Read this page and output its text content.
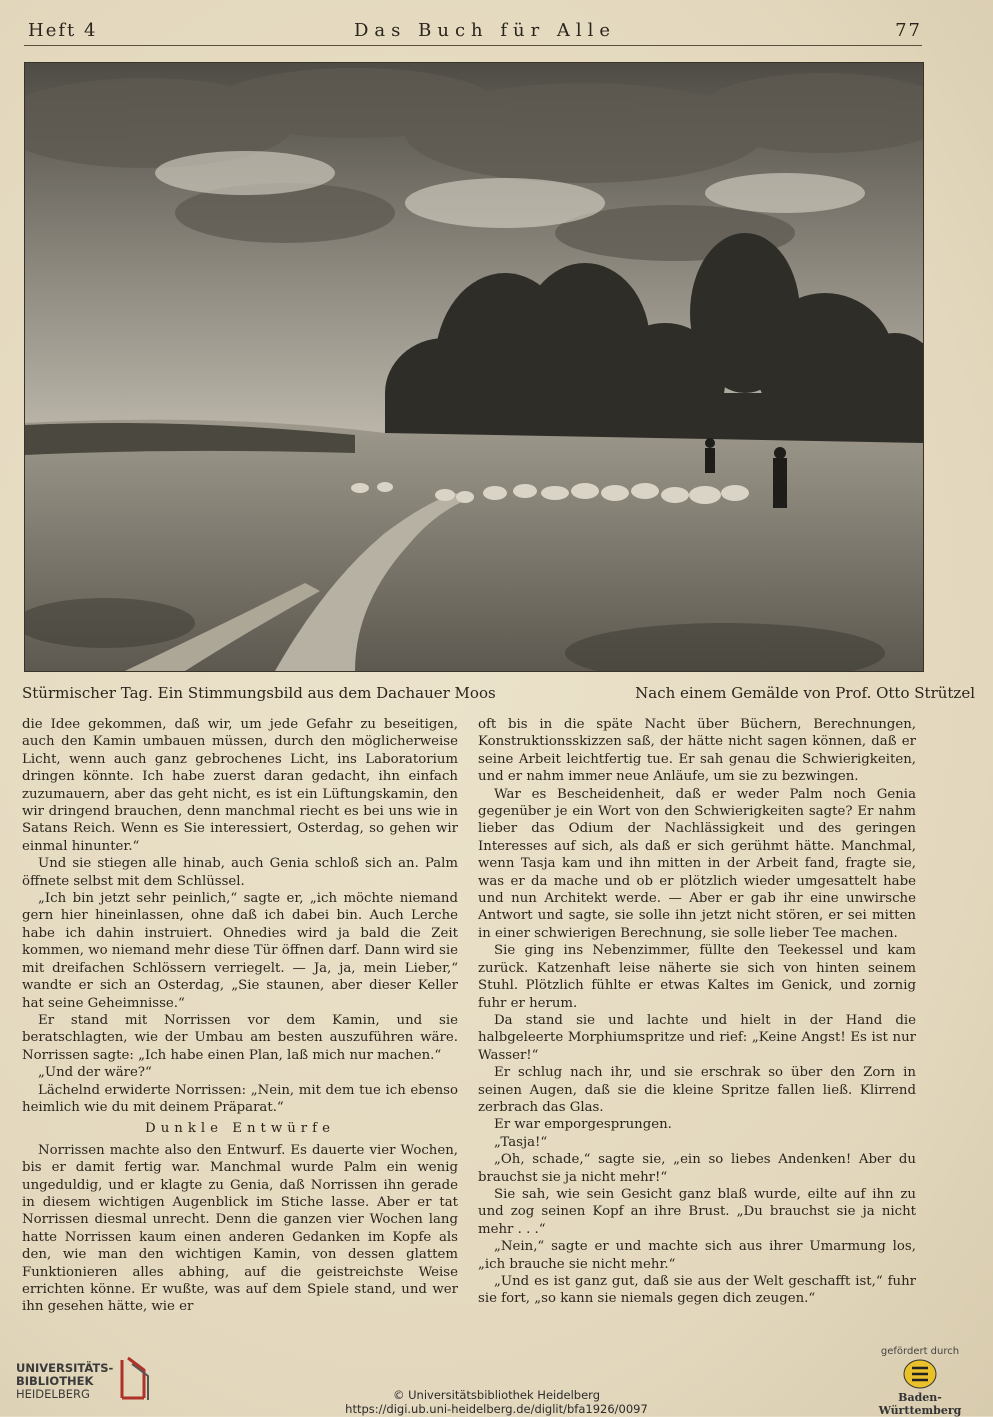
Heft 4	Das Buch für Alle	77
Stürmischer Tag. Ein Stimmungsbild aus dem Dachauer Moos	Nach einem Gemälde von Prof. Otto Strützel

die Idee gekommen, daß wir, um jede Gefahr zu beseitigen, auch den Kamin umbauen müssen, durch den möglicherweise Licht, wenn auch ganz gebrochenes Licht, ins Laboratorium dringen könnte. Ich habe zuerst daran gedacht, ihn einfach zuzumauern, aber das geht nicht, es ist ein Lüftungskamin, den wir dringend brauchen, denn manchmal riecht es bei uns wie in Satans Reich. Wenn es Sie interessiert, Osterdag, so gehen wir einmal hinunter.“

Und sie stiegen alle hinab, auch Genia schloß sich an. Palm öffnete selbst mit dem Schlüssel.

„Ich bin jetzt sehr peinlich,“ sagte er, „ich möchte niemand gern hier hineinlassen, ohne daß ich dabei bin. Auch Lerche habe ich dahin instruiert. Ohnedies wird ja bald die Zeit kommen, wo niemand mehr diese Tür öffnen darf. Dann wird sie mit dreifachen Schlössern verriegelt. — Ja, ja, mein Lieber,“ wandte er sich an Osterdag, „Sie staunen, aber dieser Keller hat seine Geheimnisse.“

Er stand mit Norrissen vor dem Kamin, und sie beratschlagten, wie der Umbau am besten auszuführen wäre. Norrissen sagte: „Ich habe einen Plan, laß mich nur machen.“

„Und der wäre?“

Lächelnd erwiderte Norrissen: „Nein, mit dem tue ich ebenso heimlich wie du mit deinem Präparat.“

Dunkle Entwürfe

Norrissen machte also den Entwurf. Es dauerte vier Wochen, bis er damit fertig war. Manchmal wurde Palm ein wenig ungeduldig, und er klagte zu Genia, daß Norrissen ihn gerade in diesem wichtigen Augenblick im Stiche lasse. Aber er tat Norrissen diesmal unrecht. Denn die ganzen vier Wochen lang hatte Norrissen kaum einen anderen Gedanken im Kopfe als den, wie man den wichtigen Kamin, von dessen glattem Funktionieren alles abhing, auf die geistreichste Weise errichten könne. Er wußte, was auf dem Spiele stand, und wer ihn gesehen hätte, wie er

oft bis in die späte Nacht über Büchern, Berechnungen, Konstruktionsskizzen saß, der hätte nicht sagen können, daß er seine Arbeit leichtfertig tue. Er sah genau die Schwierigkeiten, und er nahm immer neue Anläufe, um sie zu bezwingen.

War es Bescheidenheit, daß er weder Palm noch Genia gegenüber je ein Wort von den Schwierigkeiten sagte? Er nahm lieber das Odium der Nachlässigkeit und des geringen Interesses auf sich, als daß er sich gerühmt hätte. Manchmal, wenn Tasja kam und ihn mitten in der Arbeit fand, fragte sie, was er da mache und ob er plötzlich wieder umgesattelt habe und nun Architekt werde. — Aber er gab ihr eine unwirsche Antwort und sagte, sie solle ihn jetzt nicht stören, er sei mitten in einer schwierigen Berechnung, sie solle lieber Tee machen.

Sie ging ins Nebenzimmer, füllte den Teekessel und kam zurück. Katzenhaft leise näherte sie sich von hinten seinem Stuhl. Plötzlich fühlte er etwas Kaltes im Genick, und zornig fuhr er herum.

Da stand sie und lachte und hielt in der Hand die halbgeleerte Morphiumspritze und rief: „Keine Angst! Es ist nur Wasser!“

Er schlug nach ihr, und sie erschrak so über den Zorn in seinen Augen, daß sie die kleine Spritze fallen ließ. Klirrend zerbrach das Glas.

Er war emporgesprungen.

„Tasja!“

„Oh, schade,“ sagte sie, „ein so liebes Andenken! Aber du brauchst sie ja nicht mehr!“

Sie sah, wie sein Gesicht ganz blaß wurde, eilte auf ihn zu und zog seinen Kopf an ihre Brust. „Du brauchst sie ja nicht mehr . . .“

„Nein,“ sagte er und machte sich aus ihrer Umarmung los, „ich brauche sie nicht mehr.“

„Und es ist ganz gut, daß sie aus der Welt geschafft ist,“ fuhr sie fort, „so kann sie niemals gegen dich zeugen.“

UNIVERSITÄTS-
BIBLIOTHEK
HEIDELBERG	© Universitätsbibliothek Heidelberg
https://digi.ub.uni-heidelberg.de/diglit/bfa1926/0097
gefördert durch
Baden-Württemberg
